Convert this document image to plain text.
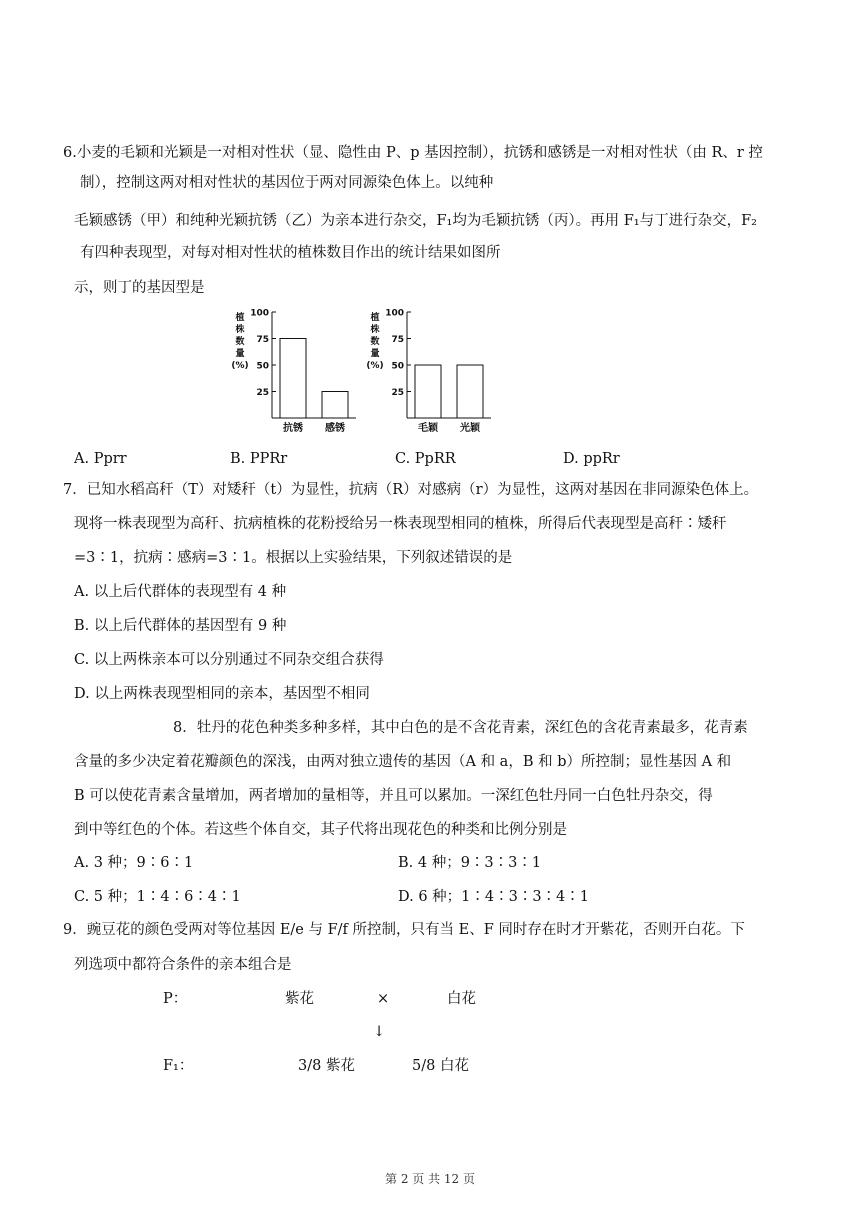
6.小麦的毛颖和光颖是一对相对性状（显、隐性由 P、p 基因控制），抗锈和感锈是一对相对性状（由 R、r 控
制），控制这两对相对性状的基因位于两对同源染色体上。以纯种
毛颖感锈（甲）和纯种光颖抗锈（乙）为亲本进行杂交，F₁均为毛颖抗锈（丙）。再用 F₁与丁进行杂交，F₂
有四种表现型，对每对相对性状的植株数目作出的统计结果如图所
示，则丁的基因型是
植
株
数
量
(%)
25
50
75
100
抗锈 感锈
植
株
数
量
(%)
25
50
75
100
毛颖 光颖
A. Pprr	B. PPRr	C. PpRR	D. ppRr
7．已知水稻高秆（T）对矮秆（t）为显性，抗病（R）对感病（r）为显性，这两对基因在非同源染色体上。
现将一株表现型为高秆、抗病植株的花粉授给另一株表现型相同的植株，所得后代表现型是高秆∶矮秆
=3∶1，抗病∶感病=3∶1。根据以上实验结果，下列叙述错误的是
A. 以上后代群体的表现型有 4 种
B. 以上后代群体的基因型有 9 种
C. 以上两株亲本可以分别通过不同杂交组合获得
D. 以上两株表现型相同的亲本，基因型不相同
8．牡丹的花色种类多种多样，其中白色的是不含花青素，深红色的含花青素最多，花青素
含量的多少决定着花瓣颜色的深浅，由两对独立遗传的基因（A 和 a，B 和 b）所控制；显性基因 A 和
B 可以使花青素含量增加，两者增加的量相等，并且可以累加。一深红色牡丹同一白色牡丹杂交，得
到中等红色的个体。若这些个体自交，其子代将出现花色的种类和比例分别是
A. 3 种；9∶6∶1	B. 4 种；9∶3∶3∶1
C. 5 种；1∶4∶6∶4∶1	D. 6 种；1∶4∶3∶3∶4∶1
9．豌豆花的颜色受两对等位基因 E/e 与 F/f 所控制，只有当 E、F 同时存在时才开紫花，否则开白花。下
列选项中都符合条件的亲本组合是
P：	紫花	×	白花
↓
F₁：	3/8 紫花	5/8 白花
第 2 页 共 12 页
